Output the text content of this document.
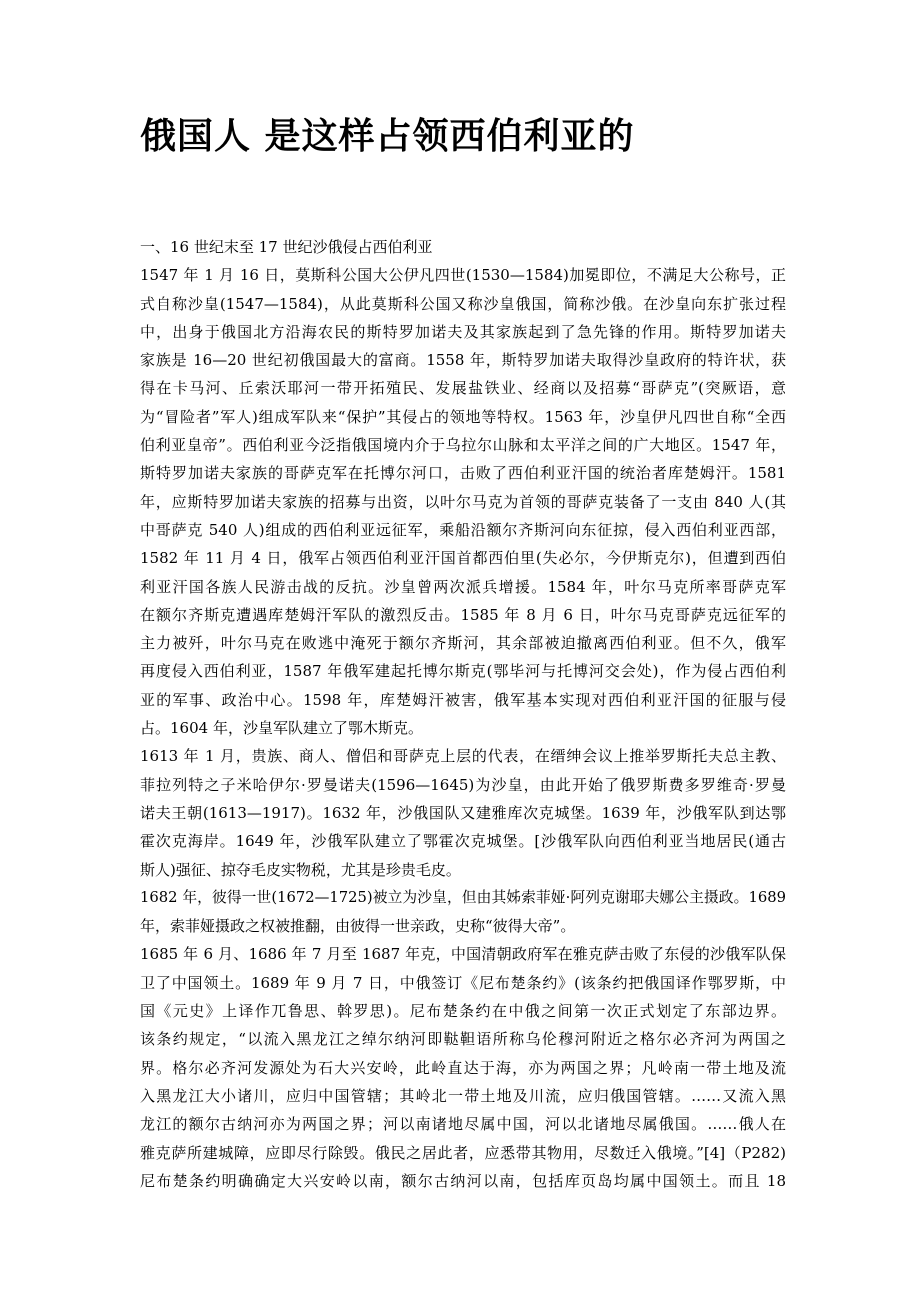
俄国人 是这样占领西伯利亚的
一、16 世纪末至 17 世纪沙俄侵占西伯利亚
1547 年 1 月 16 日，莫斯科公国大公伊凡四世(1530—1584)加冕即位，不满足大公称号，正
式自称沙皇(1547—1584)，从此莫斯科公国又称沙皇俄国，简称沙俄。在沙皇向东扩张过程
中，出身于俄国北方沿海农民的斯特罗加诺夫及其家族起到了急先锋的作用。斯特罗加诺夫
家族是 16—20 世纪初俄国最大的富商。1558 年，斯特罗加诺夫取得沙皇政府的特许状，获
得在卡马河、丘索沃耶河一带开拓殖民、发展盐铁业、经商以及招募“哥萨克”(突厥语，意
为“冒险者”军人)组成军队来“保护”其侵占的领地等特权。1563 年，沙皇伊凡四世自称“全西
伯利亚皇帝”。西伯利亚今泛指俄国境内介于乌拉尔山脉和太平洋之间的广大地区。1547 年，
斯特罗加诺夫家族的哥萨克军在托博尔河口，击败了西伯利亚汗国的统治者库楚姆汗。1581
年，应斯特罗加诺夫家族的招募与出资，以叶尔马克为首领的哥萨克装备了一支由 840 人(其
中哥萨克 540 人)组成的西伯利亚远征军，乘船沿额尔齐斯河向东征掠，侵入西伯利亚西部，
1582 年 11 月 4 日，俄军占领西伯利亚汗国首都西伯里(失必尔，今伊斯克尔)，但遭到西伯
利亚汗国各族人民游击战的反抗。沙皇曾两次派兵增援。1584 年，叶尔马克所率哥萨克军
在额尔齐斯克遭遇库楚姆汗军队的激烈反击。1585 年 8 月 6 日，叶尔马克哥萨克远征军的
主力被歼，叶尔马克在败逃中淹死于额尔齐斯河，其余部被迫撤离西伯利亚。但不久，俄军
再度侵入西伯利亚，1587 年俄军建起托博尔斯克(鄂毕河与托博河交会处)，作为侵占西伯利
亚的军事、政治中心。1598 年，库楚姆汗被害，俄军基本实现对西伯利亚汗国的征服与侵
占。1604 年，沙皇军队建立了鄂木斯克。
1613 年 1 月，贵族、商人、僧侣和哥萨克上层的代表，在缙绅会议上推举罗斯托夫总主教、
菲拉列特之子米哈伊尔·罗曼诺夫(1596—1645)为沙皇，由此开始了俄罗斯费多罗维奇·罗曼
诺夫王朝(1613—1917)。1632 年，沙俄国队又建雅库次克城堡。1639 年，沙俄军队到达鄂
霍次克海岸。1649 年，沙俄军队建立了鄂霍次克城堡。[沙俄军队向西伯利亚当地居民(通古
斯人)强征、掠夺毛皮实物税，尤其是珍贵毛皮。
1682 年，彼得一世(1672—1725)被立为沙皇，但由其姊索菲娅·阿列克谢耶夫娜公主摄政。1689
年，索菲娅摄政之权被推翻，由彼得一世亲政，史称“彼得大帝”。
1685 年 6 月、1686 年 7 月至 1687 年克，中国清朝政府军在雅克萨击败了东侵的沙俄军队保
卫了中国领土。1689 年 9 月 7 日，中俄签订《尼布楚条约》(该条约把俄国译作鄂罗斯，中
国《元史》上译作兀鲁思、斡罗思)。尼布楚条约在中俄之间第一次正式划定了东部边界。
该条约规定，“以流入黑龙江之绰尔纳河即鞑靼语所称乌伦穆河附近之格尔必齐河为两国之
界。格尔必齐河发源处为石大兴安岭，此岭直达于海，亦为两国之界；凡岭南一带土地及流
入黑龙江大小诸川，应归中国管辖；其岭北一带土地及川流，应归俄国管辖。……又流入黑
龙江的额尔古纳河亦为两国之界；河以南诸地尽属中国，河以北诸地尽属俄国。……俄人在
雅克萨所建城障，应即尽行除毁。俄民之居此者，应悉带其物用，尽数迁入俄境。”[4]（P282)
尼布楚条约明确确定大兴安岭以南，额尔古纳河以南，包括库页岛均属中国领土。而且 18
